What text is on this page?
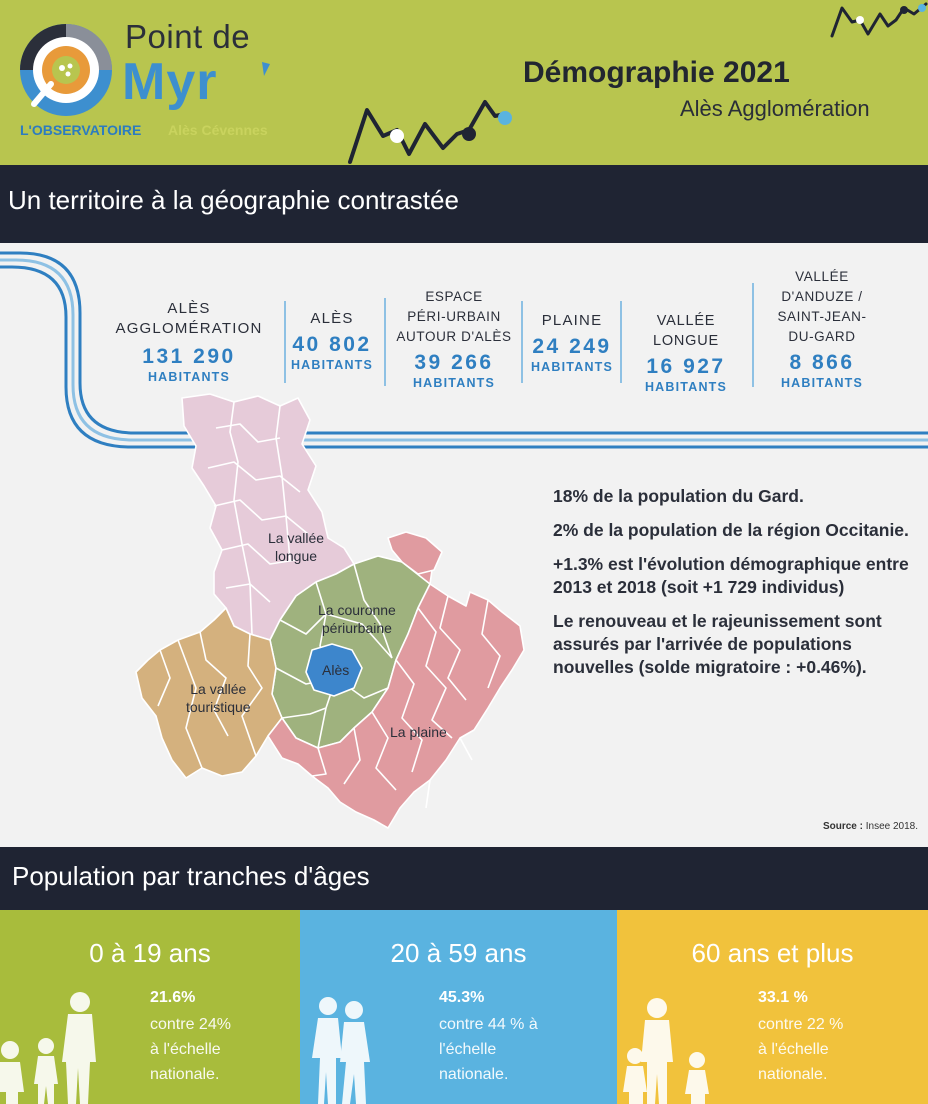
Point de
Myr
L'OBSERVATOIRE Alès Cévennes
Démographie 2021
Alès Agglomération
Un territoire à la géographie contrastée
ALÈS
AGGLOMÉRATION
131 290
HABITANTS
ALÈS
40 802
HABITANTS
ESPACE
PÉRI-URBAIN
AUTOUR D'ALÈS
39 266
HABITANTS
PLAINE
24 249
HABITANTS
VALLÉE LONGUE
16 927
HABITANTS
VALLÉE
D'ANDUZE /
SAINT-JEAN-
DU-GARD
8 866
HABITANTS
La vallée
longue
La couronne
périurbaine
Alès
La vallée
touristique
La plaine

18% de la population du Gard.

2% de la population de la région Occitanie.

+1.3% est l'évolution démographique entre 2013 et 2018 (soit +1 729 individus)

Le renouveau et le rajeunissement sont assurés par l'arrivée de populations nouvelles (solde migratoire : +0.46%).

Source : Insee 2018.
Population par tranches d'âges
0 à 19 ans
21.6%
contre 24%
à l'échelle
nationale.
20 à 59 ans
45.3%
contre 44 % à
l'échelle
nationale.
60 ans et plus
33.1 %
contre 22 %
à l'échelle
nationale.
